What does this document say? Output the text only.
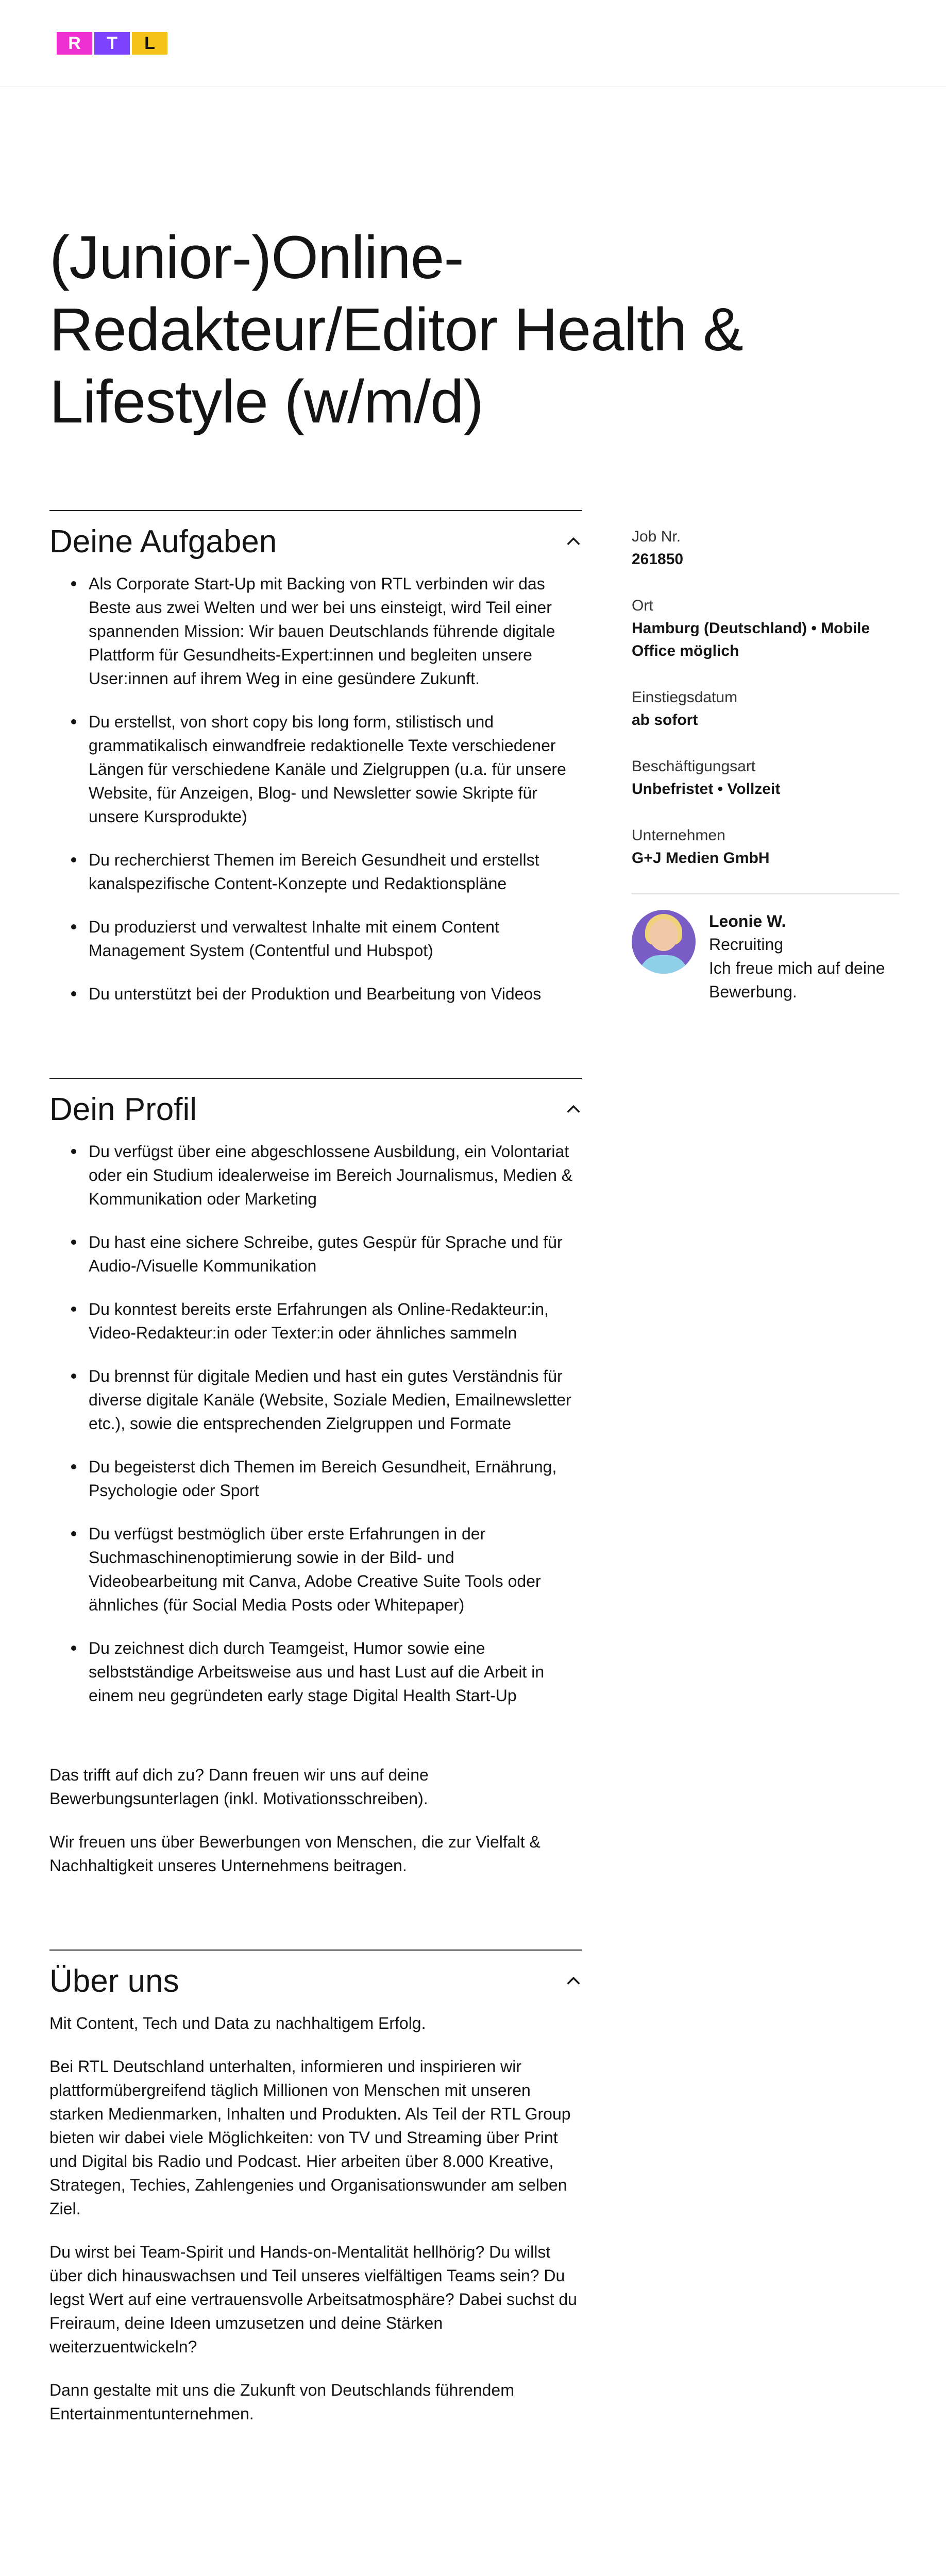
R	T	L
(Junior-)Online-Redakteur/Editor Health & Lifestyle (w/m/d)
Deine Aufgaben
Als Corporate Start-Up mit Backing von RTL verbinden wir das Beste aus zwei Welten und wer bei uns einsteigt, wird Teil einer spannenden Mission: Wir bauen Deutschlands führende digitale Plattform für Gesundheits-Expert:innen und begleiten unsere User:innen auf ihrem Weg in eine gesündere Zukunft.
Du erstellst, von short copy bis long form, stilistisch und grammatikalisch einwandfreie redaktionelle Texte verschiedener Längen für verschiedene Kanäle und Zielgruppen (u.a. für unsere Website, für Anzeigen, Blog- und Newsletter sowie Skripte für unsere Kursprodukte)
Du recherchierst Themen im Bereich Gesundheit und erstellst kanalspezifische Content-Konzepte und Redaktionspläne
Du produzierst und verwaltest Inhalte mit einem Content Management System (Contentful und Hubspot)
Du unterstützt bei der Produktion und Bearbeitung von Videos
Dein Profil
Du verfügst über eine abgeschlossene Ausbildung, ein Volontariat oder ein Studium idealerweise im Bereich Journalismus, Medien & Kommunikation oder Marketing
Du hast eine sichere Schreibe, gutes Gespür für Sprache und für Audio-/Visuelle Kommunikation
Du konntest bereits erste Erfahrungen als Online-Redakteur:in, Video-Redakteur:in oder Texter:in oder ähnliches sammeln
Du brennst für digitale Medien und hast ein gutes Verständnis für diverse digitale Kanäle (Website, Soziale Medien, Emailnewsletter etc.), sowie die entsprechenden Zielgruppen und Formate
Du begeisterst dich Themen im Bereich Gesundheit, Ernährung, Psychologie oder Sport
Du verfügst bestmöglich über erste Erfahrungen in der Suchmaschinenoptimierung sowie in der Bild- und Videobearbeitung mit Canva, Adobe Creative Suite Tools oder ähnliches (für Social Media Posts oder Whitepaper)
Du zeichnest dich durch Teamgeist, Humor sowie eine selbstständige Arbeitsweise aus und hast Lust auf die Arbeit in einem neu gegründeten early stage Digital Health Start-Up

Das trifft auf dich zu? Dann freuen wir uns auf deine Bewerbungsunterlagen (inkl. Motivationsschreiben).

Wir freuen uns über Bewerbungen von Menschen, die zur Vielfalt & Nachhaltigkeit unseres Unternehmens beitragen.

Über uns

Mit Content, Tech und Data zu nachhaltigem Erfolg.

Bei RTL Deutschland unterhalten, informieren und inspirieren wir plattformübergreifend täglich Millionen von Menschen mit unseren starken Medienmarken, Inhalten und Produkten. Als Teil der RTL Group bieten wir dabei viele Möglichkeiten: von TV und Streaming über Print und Digital bis Radio und Podcast. Hier arbeiten über 8.000 Kreative, Strategen, Techies, Zahlengenies und Organisationswunder am selben Ziel.

Du wirst bei Team-Spirit und Hands-on-Mentalität hellhörig? Du willst über dich hinauswachsen und Teil unseres vielfältigen Teams sein? Du legst Wert auf eine vertrauensvolle Arbeitsatmosphäre? Dabei suchst du Freiraum, deine Ideen umzusetzen und deine Stärken weiterzuentwickeln?

Dann gestalte mit uns die Zukunft von Deutschlands führendem Entertainmentunternehmen.

Job Nr.
261850
Ort
Hamburg (Deutschland) • Mobile Office möglich
Einstiegsdatum
ab sofort
Beschäftigungsart
Unbefristet • Vollzeit
Unternehmen
G+J Medien GmbH
Leonie W.
Recruiting
Ich freue mich auf deine Bewerbung.
